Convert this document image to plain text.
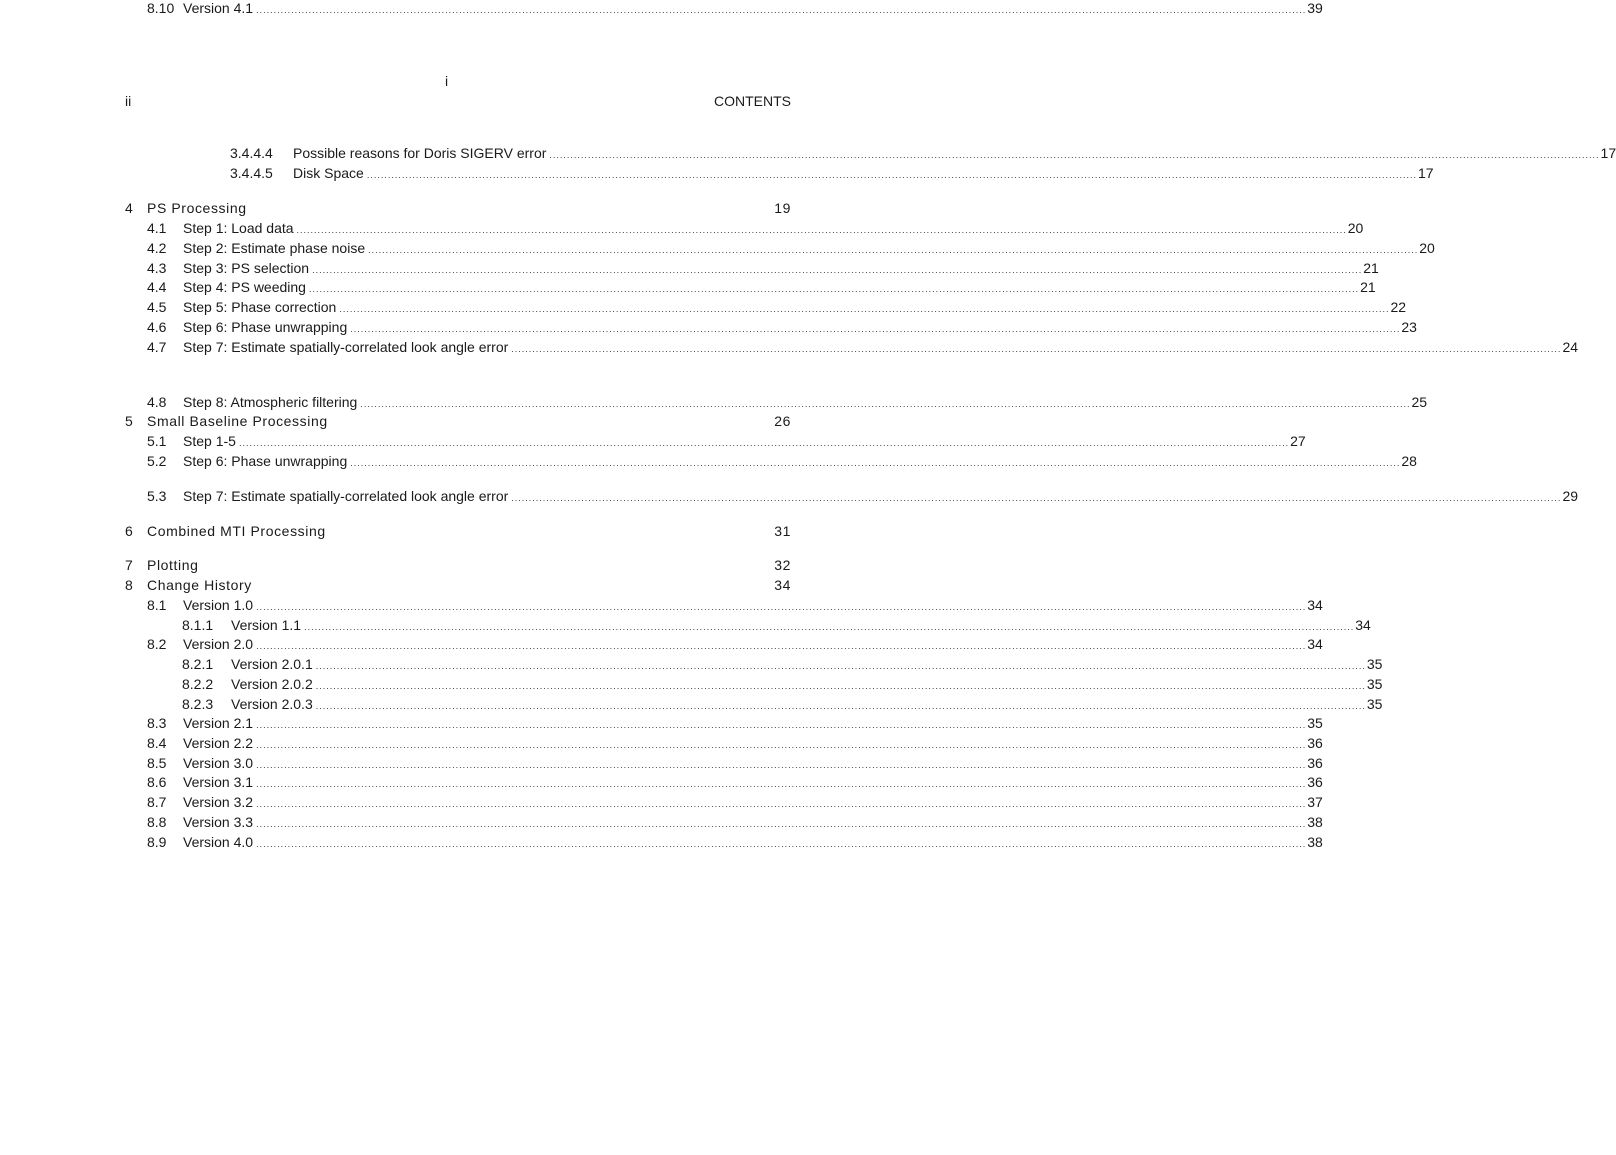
i
ii	CONTENTS
3.4.4.4	Possible reasons for Doris SIGERV error ............................................................................................................................................................................................................................................................................................................ 17
3.4.4.5	Disk Space ............................................................................................................................................................................................................................................................................................................ 17
4 PS Processing	19
4.1	Step 1: Load data ............................................................................................................................................................................................................................................................................................................ 20
4.2	Step 2: Estimate phase noise ............................................................................................................................................................................................................................................................................................................ 20
4.3	Step 3: PS selection ............................................................................................................................................................................................................................................................................................................ 21
4.4	Step 4: PS weeding ............................................................................................................................................................................................................................................................................................................ 21
4.5	Step 5: Phase correction ............................................................................................................................................................................................................................................................................................................ 22
4.6	Step 6: Phase unwrapping ............................................................................................................................................................................................................................................................................................................ 23
4.7	Step 7: Estimate spatially-correlated look angle error ............................................................................................................................................................................................................................................................................................................ 24
4.8	Step 8: Atmospheric filtering ............................................................................................................................................................................................................................................................................................................ 25
5 Small Baseline Processing	26
5.1	Step 1-5 ............................................................................................................................................................................................................................................................................................................ 27
5.2	Step 6: Phase unwrapping ............................................................................................................................................................................................................................................................................................................ 28
5.3	Step 7: Estimate spatially-correlated look angle error ............................................................................................................................................................................................................................................................................................................ 29
6 Combined MTI Processing	31
7 Plotting	32
8 Change History	34
8.1	Version 1.0 ............................................................................................................................................................................................................................................................................................................ 34
8.1.1	Version 1.1 ............................................................................................................................................................................................................................................................................................................ 34
8.2	Version 2.0 ............................................................................................................................................................................................................................................................................................................ 34
8.2.1	Version 2.0.1 ............................................................................................................................................................................................................................................................................................................ 35
8.2.2	Version 2.0.2 ............................................................................................................................................................................................................................................................................................................ 35
8.2.3	Version 2.0.3 ............................................................................................................................................................................................................................................................................................................ 35
8.3	Version 2.1 ............................................................................................................................................................................................................................................................................................................ 35
8.4	Version 2.2 ............................................................................................................................................................................................................................................................................................................ 36
8.5	Version 3.0 ............................................................................................................................................................................................................................................................................................................ 36
8.6	Version 3.1 ............................................................................................................................................................................................................................................................................................................ 36
8.7	Version 3.2 ............................................................................................................................................................................................................................................................................................................ 37
8.8	Version 3.3 ............................................................................................................................................................................................................................................................................................................ 38
8.9	Version 4.0 ............................................................................................................................................................................................................................................................................................................ 38
8.10 Version 4.1 ............................................................................................................................................................................................................................................................................................................ 39
